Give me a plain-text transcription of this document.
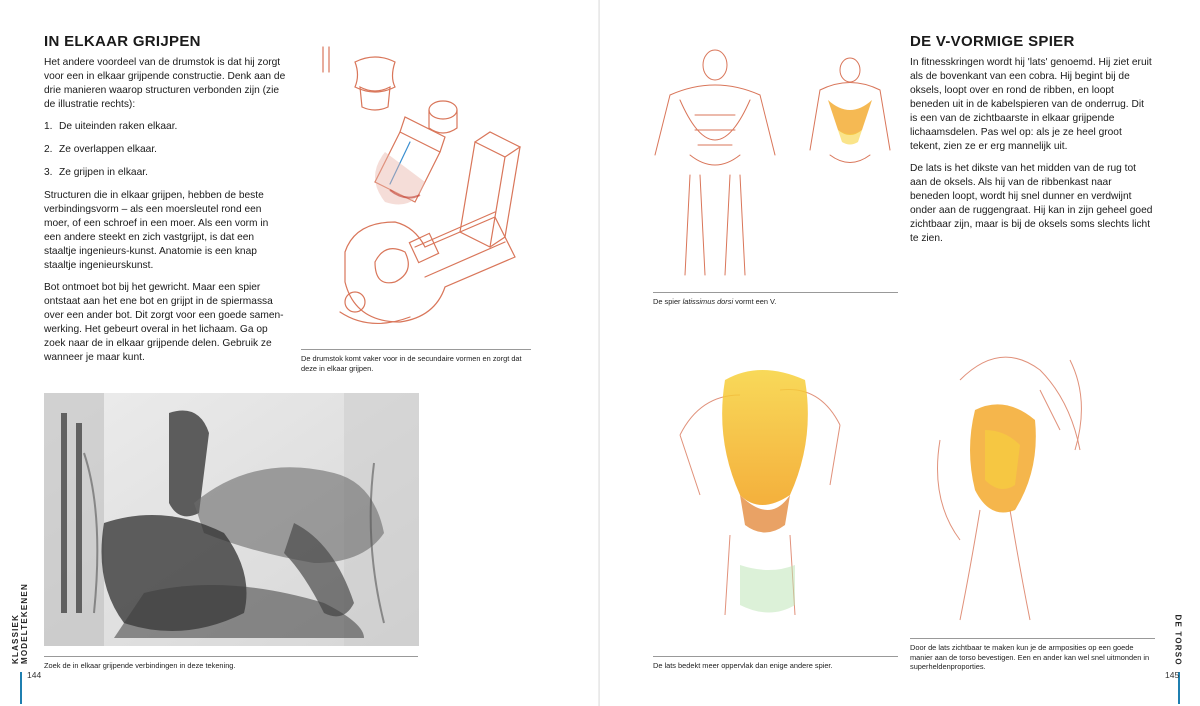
IN ELKAAR GRIJPEN

Het andere voordeel van de drumstok is dat hij zorgt voor een in elkaar grijpende constructie. Denk aan de drie manieren waarop structuren verbonden zijn (zie de illustratie rechts):

1. De uiteinden raken elkaar.
2. Ze overlappen elkaar.
3. Ze grijpen in elkaar.

Structuren die in elkaar grijpen, hebben de beste verbindingsvorm – als een moersleutel rond een moer, of een schroef in een moer. Als een vorm in een andere steekt en zich vastgrijpt, is dat een staaltje ingenieurs-kunst. Anatomie is een knap staaltje ingenieurskunst.

Bot ontmoet bot bij het gewricht. Maar een spier ontstaat aan het ene bot en grijpt in de spiermassa over een ander bot. Dit zorgt voor een goede samen-werking. Het gebeurt overal in het lichaam. Ga op zoek naar de in elkaar grijpende delen. Gebruik ze wanneer je maar kunt.	De drumstok komt vaker voor in de secundaire vormen en zorgt dat deze in elkaar grijpen.
Zoek de in elkaar grijpende verbindingen in deze tekening.
KLASSIEK MODELTEKENEN
144
DE V-VORMIGE SPIER

In fitnesskringen wordt hij 'lats' genoemd. Hij ziet eruit als de bovenkant van een cobra. Hij begint bij de oksels, loopt over en rond de ribben, en loopt beneden uit in de kabelspieren van de onderrug. Dit is een van de zichtbaarste in elkaar grijpende lichaamsdelen. Pas wel op: als je ze heel groot tekent, zien ze er erg mannelijk uit.

De lats is het dikste van het midden van de rug tot aan de oksels. Als hij van de ribbenkast naar beneden loopt, wordt hij snel dunner en verdwijnt onder aan de ruggengraat. Hij kan in zijn geheel goed zichtbaar zijn, maar is bij de oksels soms slechts licht te zien.

De spier latissimus dorsi vormt een V.
De lats bedekt meer oppervlak dan enige andere spier.
Door de lats zichtbaar te maken kun je de armposities op een goede manier aan de torso bevestigen. Een en ander kan wel snel uitmonden in superheldenproporties.
DE TORSO
145
